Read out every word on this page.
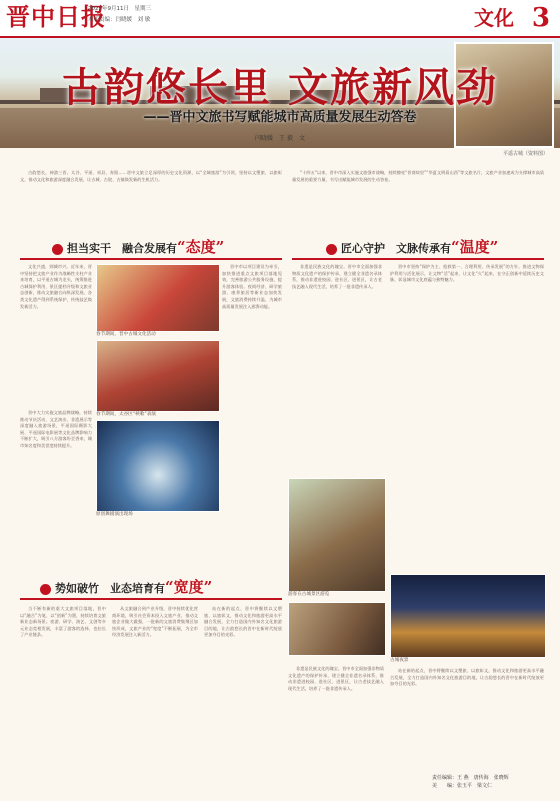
晋中日报
2025年9月11日　星期三
本版责编：闫晓媛　刘 敏	文化 3
平遥古城（资料图）
古韵悠长里 文旅新风劲
——晋中文旅书写赋能城市高质量发展生动答卷
闫晓媛　王 毅　文

古韵悠长，神游三晋。太谷、平遥、祁县、寿阳……晋中文旅立足深厚的历史文化资源，以“全域旅游”为引领，坚持以文塑旅、以旅彰文，推动文化和旅游深度融合发展，让古城、古院、古镇焕发新的生机活力。

“十四五”以来，晋中市深入实施文旅强市战略，持续擦亮“晋商故里”“华夏文明看山西”等文旅名片，文旅产业加速成为支撑城市高质量发展的重要力量，书写出赋能城市发展的生动答卷。

担当实干　融合发展有“态度”	匠心守护　文脉传承有“温度”

文化兴盛，则城市兴。近年来，晋中坚持把文旅产业作为战略性支柱产业来培育，以平遥古城为龙头，统筹推进古城保护利用、景区提档升级和文旅业态创新，推动文旅融合向纵深发展。各类文化遗产得到系统保护，传统技艺焕发新活力。

晋中大力实施文旅品牌战略，持续推动节庆活动、文艺演出、非遗展示等深度融入旅游场景，平遥国际摄影大展、平遥国际电影展等文化品牌影响力不断扩大，吸引八方游客纷至沓来，城市知名度和美誉度持续提升。

春节期间，晋中古城文化活动
春节期间，太谷区“秧歌”表演
原创舞剧演出现场

晋中市以项目建设为牵引，加快推进重点文旅项目落地见效，完善旅游公共服务设施，提升游客体验。夜间经济、研学旅游、康养旅居等新业态加快发展，文旅消费持续升温，为城市高质量发展注入澎湃动能。

非遗是民族文化的瑰宝。晋中市全面加强非物质文化遗产的保护传承，建立健全非遗名录体系，推动非遗进校园、进社区、进景区，让古老技艺融入现代生活，培养了一批非遗传承人。

晋中市坚持“保护为主、抢救第一、合理利用、传承发展”的方针，推进文物保护利用与活化展示，让文物“活”起来、让文化“火”起来，在守正创新中延续历史文脉，彰显城市文化底蕴与独特魅力。

游客在古城景区游览
势如破竹　业态培育有“宽度”

当不断有新的重大文旅项目落地，晋中以“融合”为笔、以“创新”为墨，持续培育文旅新业态新场景。夜游、研学、演艺、文创等多元业态竞相发展，丰富了游客的选择，也拉长了产业链条。

从文旅融合到产业升级，晋中持续优化营商环境，吸引社会资本投入文旅产业，推动文旅企业做大做强，一批新的文旅消费集聚区加快形成，文旅产业的“宽度”不断拓展，为全市经济发展注入新活力。

站在新的起点，晋中将继续以文塑旅、以旅彰文，推动文化和旅游更高水平融合发展，全力打造国内外知名文化旅游目的地，让古韵悠长的晋中在新时代绽放更加夺目的光彩。

古城夜景

非遗是民族文化的瑰宝。晋中市全面加强非物质文化遗产的保护传承，建立健全非遗名录体系，推动非遗进校园、进社区、进景区，让古老技艺融入现代生活，培养了一批非遗传承人。

站在新的起点，晋中将继续以文塑旅、以旅彰文，推动文化和旅游更高水平融合发展，全力打造国内外知名文化旅游目的地，让古韵悠长的晋中在新时代绽放更加夺目的光彩。

责任编辑：王 燕　唐传海　张晓辉
美　　编：张玉平　梁文仁
